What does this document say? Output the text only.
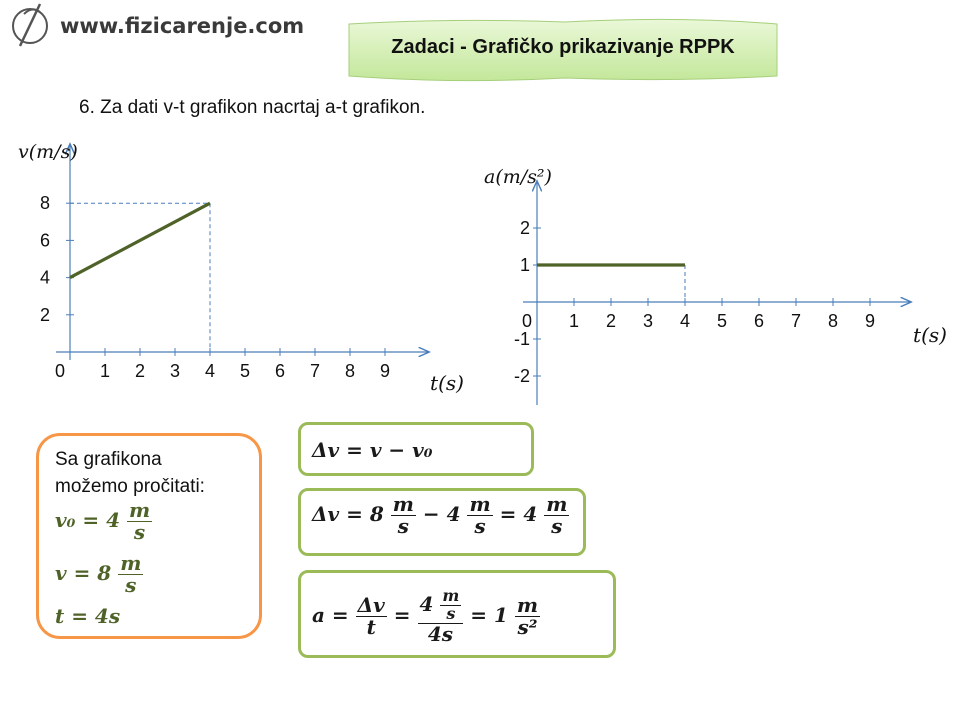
www.fizicarenje.com
Zadaci - Grafičko prikazivanje RPPK
6. Za dati v-t grafikon nacrtaj a-t grafikon.
0 1 2 3 4 5 6 7 8 9
2
4
6
8
t(s)
v(m/s)
0 1 2 3 4 5 6 7 8 9
2
1
-1
-2
t(s)
a(m/s²)
Sa grafikona
možemo pročitati:
$v_0 = 4 \frac{m}{s}$
$v = 8 \frac{m}{s}$
t = 4s
Δv = v − v₀
$\Delta v = 8 \frac{m}{s} - 4 \frac{m}{s} = 4 \frac{m}{s}$
$a = \frac{\Delta v}{t} = \frac{4 \frac{m}{s}}{4s} = 1 \frac{m}{\text{s²}}$
